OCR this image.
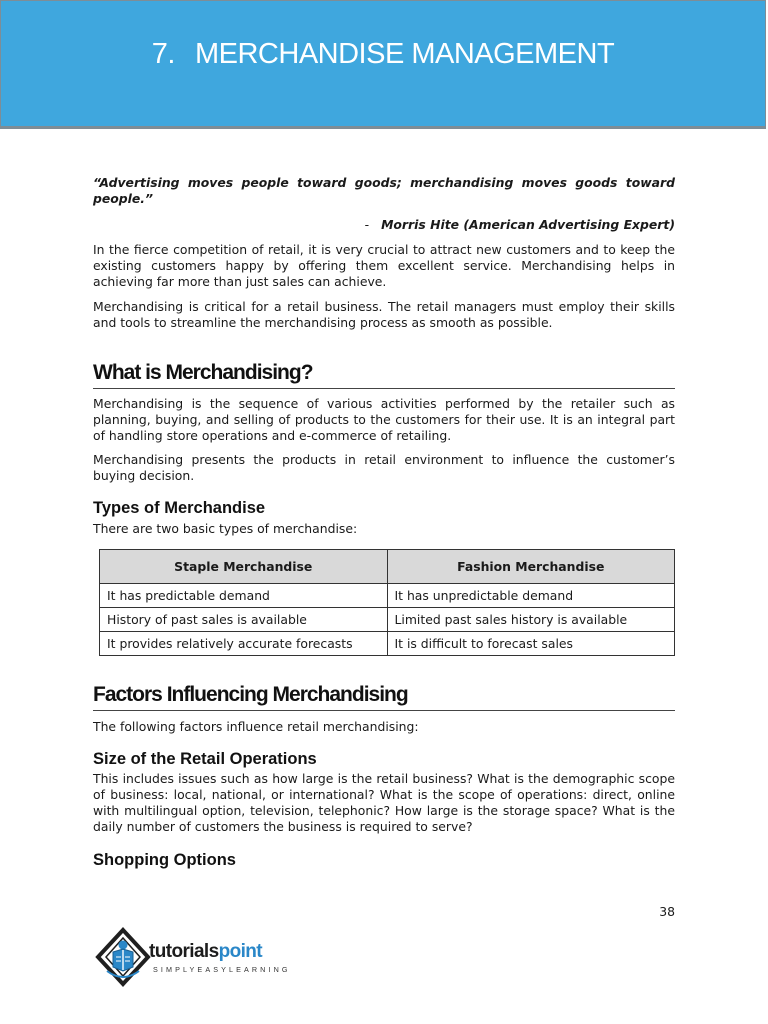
7. MERCHANDISE MANAGEMENT

“Advertising moves people toward goods; merchandising moves goods toward people.”

- Morris Hite (American Advertising Expert)

In the fierce competition of retail, it is very crucial to attract new customers and to keep the existing customers happy by offering them excellent service. Merchandising helps in achieving far more than just sales can achieve.

Merchandising is critical for a retail business. The retail managers must employ their skills and tools to streamline the merchandising process as smooth as possible.

What is Merchandising?

Merchandising is the sequence of various activities performed by the retailer such as planning, buying, and selling of products to the customers for their use. It is an integral part of handling store operations and e-commerce of retailing.

Merchandising presents the products in retail environment to influence the customer’s buying decision.

Types of Merchandise

There are two basic types of merchandise:

Staple Merchandise	Fashion Merchandise
It has predictable demand	It has unpredictable demand
History of past sales is available	Limited past sales history is available
It provides relatively accurate forecasts	It is difficult to forecast sales
Factors Influencing Merchandising

The following factors influence retail merchandising:

Size of the Retail Operations

This includes issues such as how large is the retail business? What is the demographic scope of business: local, national, or international? What is the scope of operations: direct, online with multilingual option, television, telephonic? How large is the storage space? What is the daily number of customers the business is required to serve?

Shopping Options
38
tutorialspoint
SIMPLYEASYLEARNING
